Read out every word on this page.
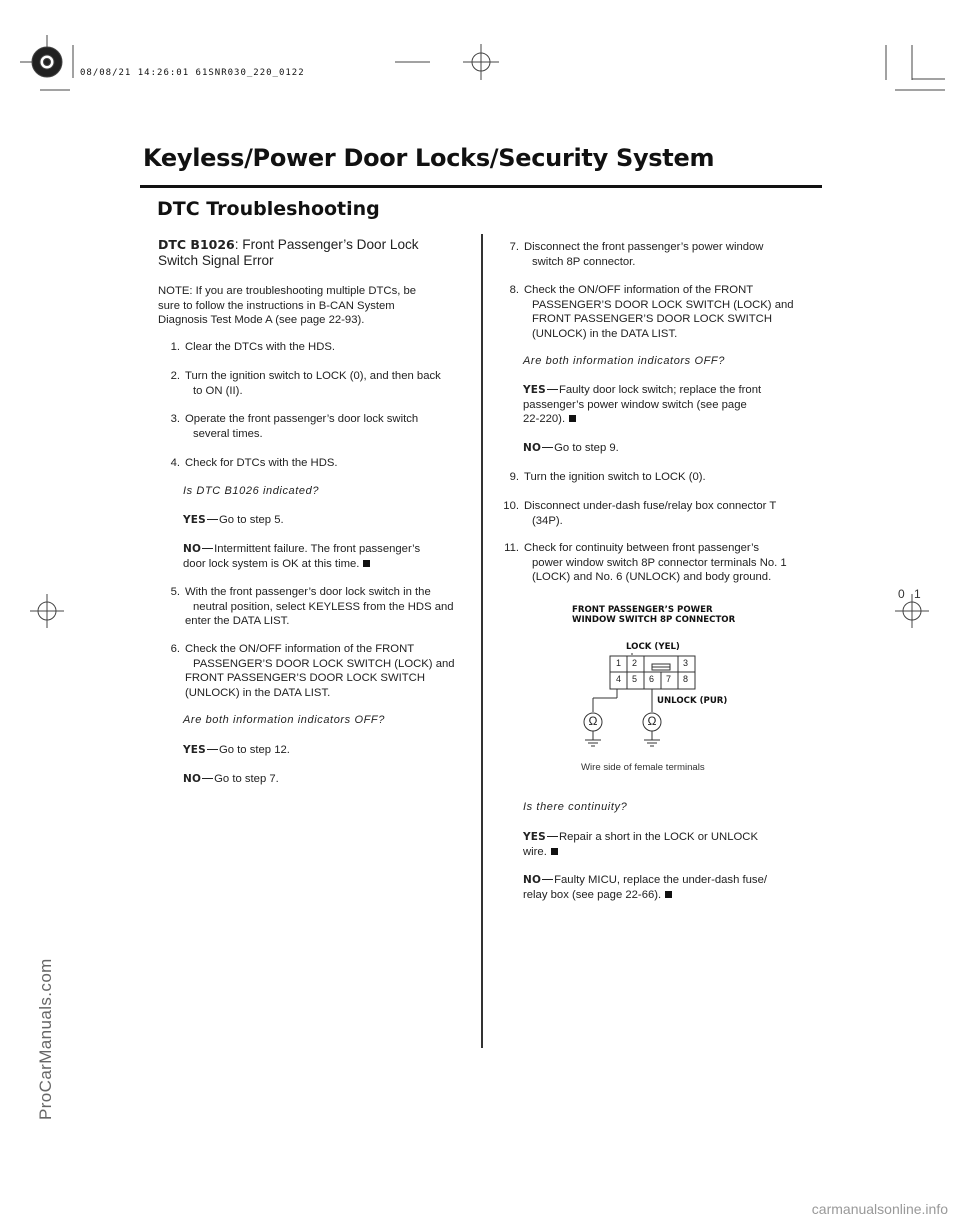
08/08/21 14:26:01 61SNR030_220_0122
0 1
Keyless/Power Door Locks/Security System
DTC Troubleshooting
DTC B1026: Front Passenger’s Door Lock
Switch Signal Error

NOTE: If you are troubleshooting multiple DTCs, be

sure to follow the instructions in B-CAN System

Diagnosis Test Mode A (see page 22-93).

1. Clear the DTCs with the HDS.
2. Turn the ignition switch to LOCK (0), and then back
to ON (II).
3. Operate the front passenger’s door lock switch
several times.
4. Check for DTCs with the HDS.
Is DTC B1026 indicated?
YES Go to step 5.
NO Intermittent failure. The front passenger’s
door lock system is OK at this time.
5. With the front passenger’s door lock switch in the
neutral position, select KEYLESS from the HDS and
enter the DATA LIST.
6. Check the ON/OFF information of the FRONT
PASSENGER’S DOOR LOCK SWITCH (LOCK) and
FRONT PASSENGER’S DOOR LOCK SWITCH
(UNLOCK) in the DATA LIST.
Are both information indicators OFF?
YES Go to step 12.
NO Go to step 7.
7. Disconnect the front passenger’s power window
switch 8P connector.
8. Check the ON/OFF information of the FRONT
PASSENGER’S DOOR LOCK SWITCH (LOCK) and
FRONT PASSENGER’S DOOR LOCK SWITCH
(UNLOCK) in the DATA LIST.
Are both information indicators OFF?
YES Faulty door lock switch; replace the front
passenger’s power window switch (see page
22-220).
NO Go to step 9.
9. Turn the ignition switch to LOCK (0).
10. Disconnect under-dash fuse/relay box connector T
(34P).
11. Check for continuity between front passenger’s
power window switch 8P connector terminals No. 1
(LOCK) and No. 6 (UNLOCK) and body ground.
FRONT PASSENGER’S POWER
WINDOW SWITCH 8P CONNECTOR
LOCK (YEL)
UNLOCK (PUR)
1 2	3
4 5 6 7 8
Ω	Ω
Wire side of female terminals
Is there continuity?
YES Repair a short in the LOCK or UNLOCK
wire.
NO Faulty MICU, replace the under-dash fuse/
relay box (see page 22-66).
ProCarManuals.com
carmanualsonline.info
